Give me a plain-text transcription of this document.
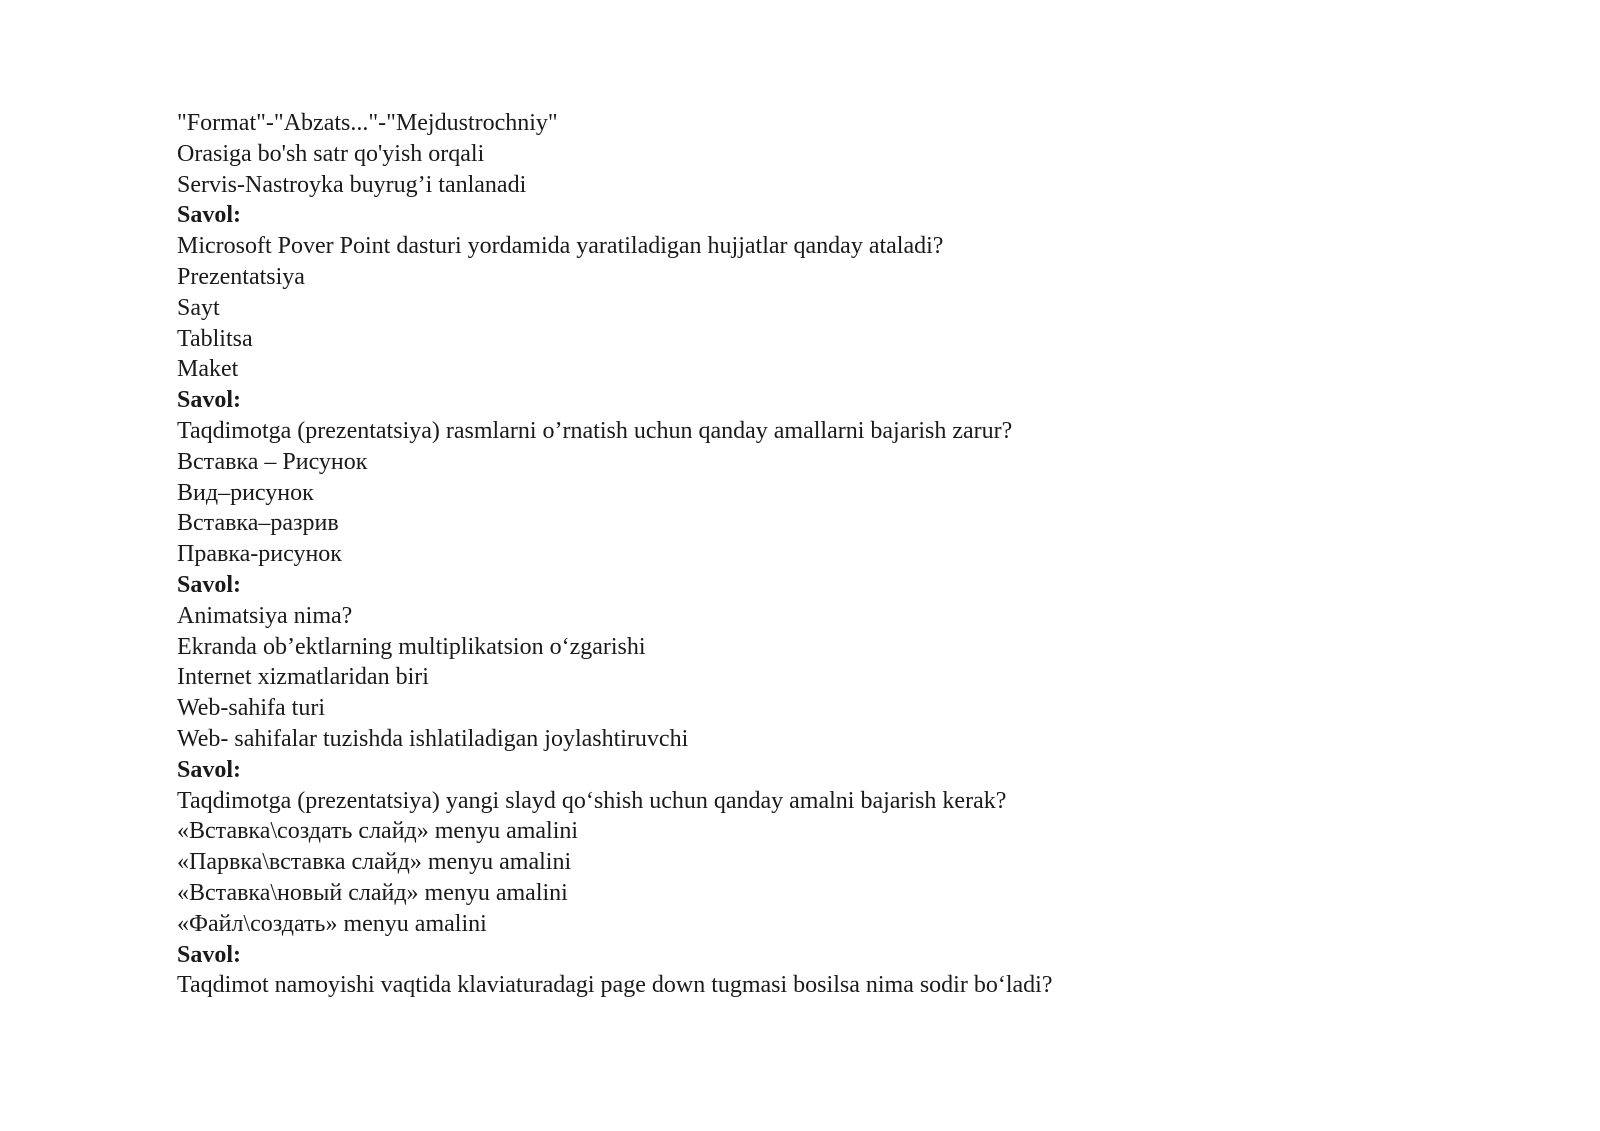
"Format"-"Abzats..."-"Mejdustrochniy"
Orasiga bo'sh satr qo'yish orqali
Servis-Nastroyka buyrug’i tanlanadi
Savol:
Microsoft Pover Point dasturi yordamida yaratiladigan hujjatlar qanday ataladi?
Prezentatsiya
Sayt
Tablitsa
Maket
Savol:
Taqdimotga (prezentatsiya) rasmlarni o’rnatish uchun qanday amallarni bajarish zarur?
Вставка – Рисунок
Вид–рисунок
Вставка–разрив
Правка-рисунок
Savol:
Animatsiya nima?
Ekranda ob’ektlarning multiplikatsion o‘zgarishi
Internet xizmatlaridan biri
Web-sahifa turi
Web- sahifalar tuzishda ishlatiladigan joylashtiruvchi
Savol:
Taqdimotga (prezentatsiya) yangi slayd qo‘shish uchun qanday amalni bajarish kerak?
«Вставка\создать слайд» menyu amalini
«Парвка\вставка слайд» menyu amalini
«Вставка\новый слайд» menyu amalini
«Файл\создать» menyu amalini
Savol:
Taqdimot namoyishi vaqtida klaviaturadagi page down tugmasi bosilsa nima sodir bo‘ladi?
